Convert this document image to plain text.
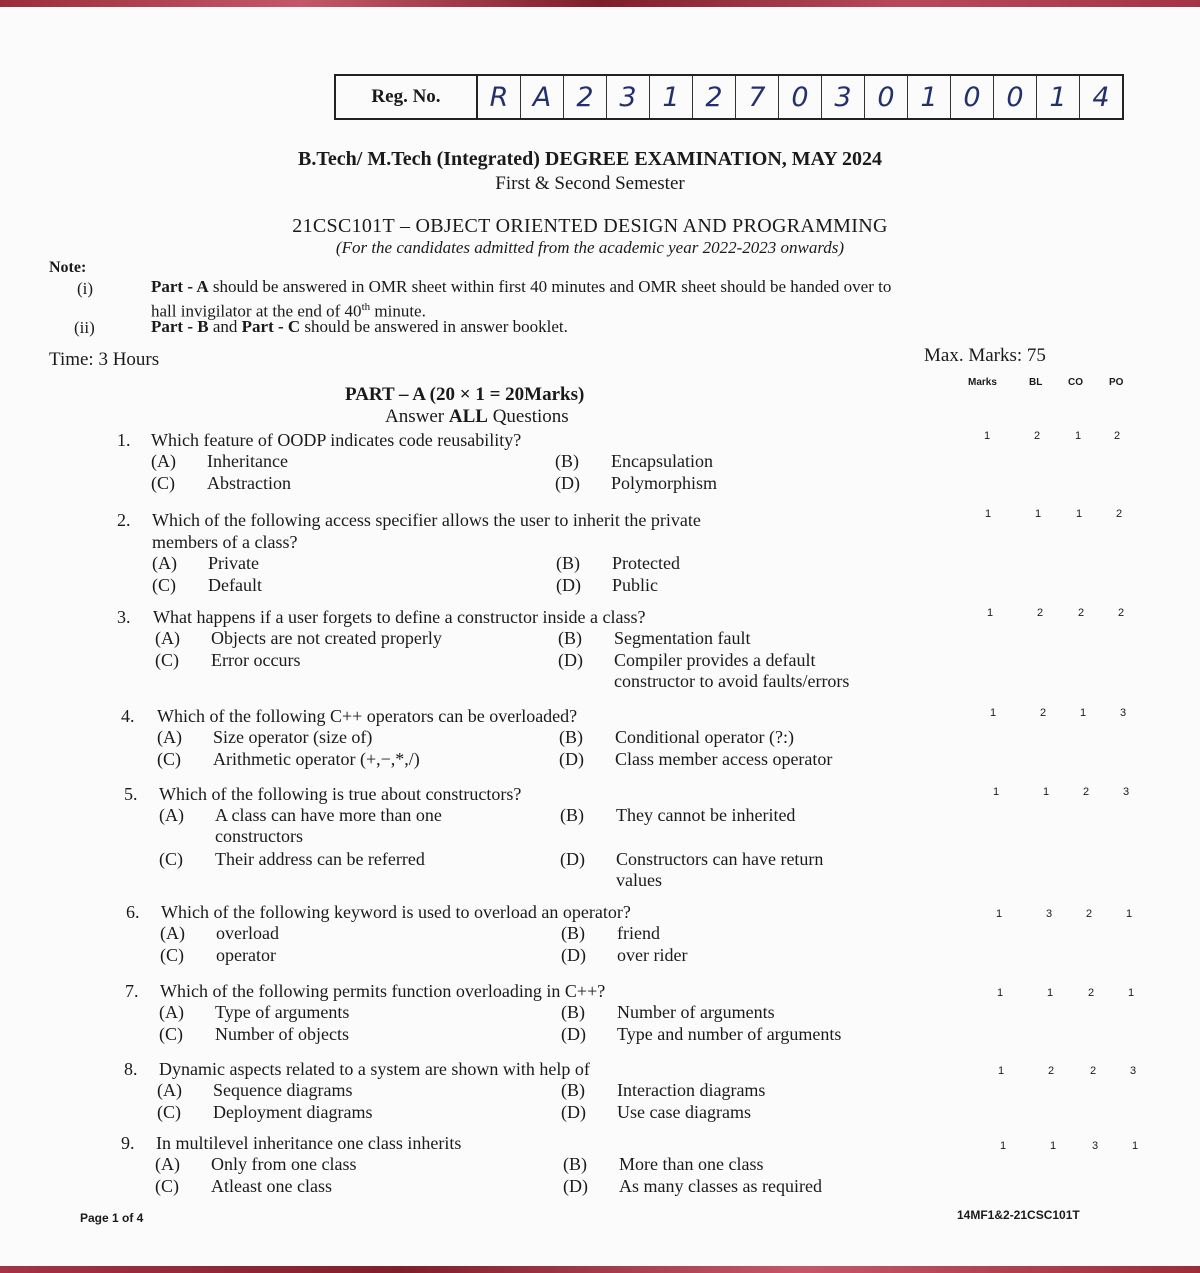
Reg. No.	R A 2 3 1 2 7 0 3 0 1 0 0 1 4
B.Tech/ M.Tech (Integrated) DEGREE EXAMINATION, MAY 2024
First & Second Semester
21CSC101T – OBJECT ORIENTED DESIGN AND PROGRAMMING
(For the candidates admitted from the academic year 2022-2023 onwards)
Note:
(i)	Part - A should be answered in OMR sheet within first 40 minutes and OMR sheet should be handed over to
hall invigilator at the end of 40th minute.
(ii)	Part - B and Part - C should be answered in answer booklet.
Time: 3 Hours	Max. Marks: 75
Marks	BL	CO	PO
PART – A (20 × 1 = 20Marks)
Answer ALL Questions
1. Which feature of OODP indicates code reusability?
(A) Inheritance	(B) Encapsulation
(C) Abstraction	(D) Polymorphism
1	2	1	2
2. Which of the following access specifier allows the user to inherit the private
members of a class?
(A) Private	(B) Protected
(C) Default	(D) Public
1	1	1	2
3. What happens if a user forgets to define a constructor inside a class?
(A) Objects are not created properly	(B) Segmentation fault
(C) Error occurs	(D) Compiler provides a default
constructor to avoid faults/errors
1	2	2	2
4. Which of the following C++ operators can be overloaded?
(A) Size operator (size of)	(B) Conditional operator (?:)
(C) Arithmetic operator (+,−,*,/)	(D) Class member access operator
1	2	1	3
5. Which of the following is true about constructors?
(A) A class can have more than one
constructors
(B) They cannot be inherited
(C) Their address can be referred	(D) Constructors can have return
values
1	1	2	3
6. Which of the following keyword is used to overload an operator?
(A) overload	(B) friend
(C) operator	(D) over rider
1	3	2	1
7. Which of the following permits function overloading in C++?
(A) Type of arguments	(B) Number of arguments
(C) Number of objects	(D) Type and number of arguments
1	1	2	1
8. Dynamic aspects related to a system are shown with help of
(A) Sequence diagrams	(B) Interaction diagrams
(C) Deployment diagrams	(D) Use case diagrams
1	2	2	3
9. In multilevel inheritance one class inherits
(A) Only from one class	(B) More than one class
(C) Atleast one class	(D) As many classes as required
1	1	3	1
Page 1 of 4	14MF1&2-21CSC101T
